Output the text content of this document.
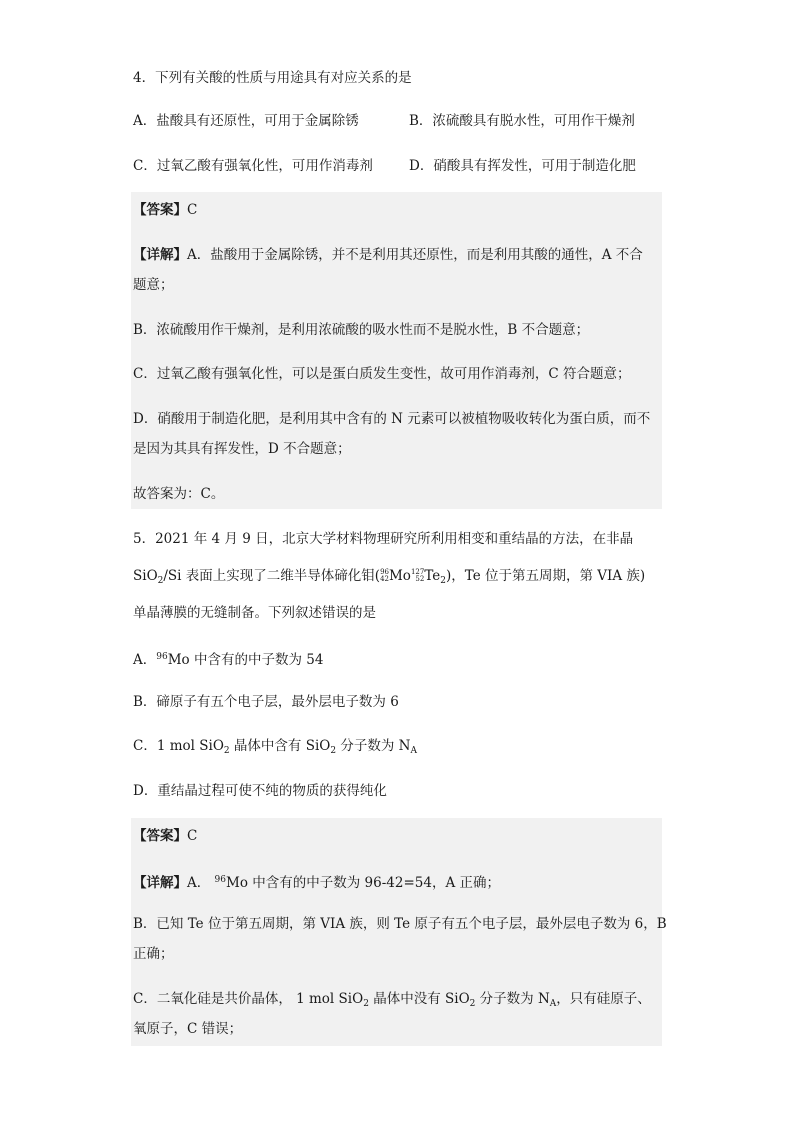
4．下列有关酸的性质与用途具有对应关系的是
A．盐酸具有还原性，可用于金属除锈	B．浓硫酸具有脱水性，可用作干燥剂
C．过氧乙酸有强氧化性，可用作消毒剂	D．硝酸具有挥发性，可用于制造化肥
【答案】C
【详解】A．盐酸用于金属除锈，并不是利用其还原性，而是利用其酸的通性，A 不合
题意；
B．浓硫酸用作干燥剂，是利用浓硫酸的吸水性而不是脱水性，B 不合题意；
C．过氧乙酸有强氧化性，可以是蛋白质发生变性，故可用作消毒剂，C 符合题意；
D．硝酸用于制造化肥，是利用其中含有的 N 元素可以被植物吸收转化为蛋白质，而不
是因为其具有挥发性，D 不合题意；
故答案为：C。
5．2021 年 4 月 9 日，北京大学材料物理研究所利用相变和重结晶的方法，在非晶
SiO$_2$/Si 表面上实现了二维半导体碲化钼( 96
42 Mo 127
52 $Te_2$)，Te 位于第五周期，第 VIA 族)
单晶薄膜的无缝制备。下列叙述错误的是
A．$^{96}$Mo 中含有的中子数为 54
B．碲原子有五个电子层，最外层电子数为 6
C．1 mol SiO$_2$ 晶体中含有 SiO$_2$ 分子数为 $N_A$
D．重结晶过程可使不纯的物质的获得纯化
【答案】C
【详解】A． $^{96}$Mo 中含有的中子数为 96-42=54，A 正确；
B．已知 Te 位于第五周期，第 VIA 族，则 Te 原子有五个电子层，最外层电子数为 6，B
正确；
C．二氧化硅是共价晶体， 1 mol SiO$_2$ 晶体中没有 SiO$_2$ 分子数为 $N_A$，只有硅原子、
氧原子，C 错误；
